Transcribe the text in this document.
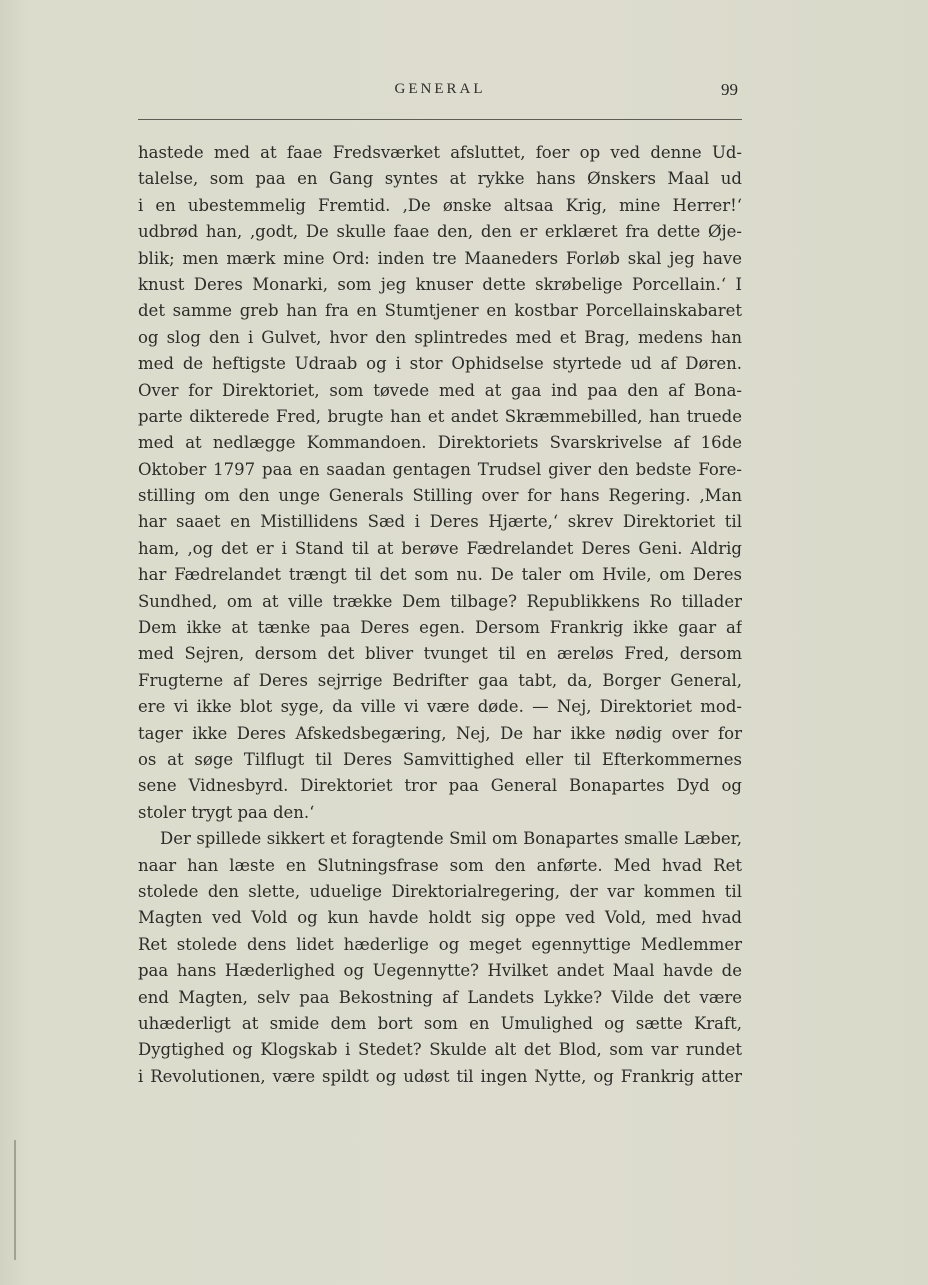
GENERAL	99
hastede med at faae Fredsværket afsluttet, foer op ved denne Ud-
talelse, som paa en Gang syntes at rykke hans Ønskers Maal ud
i en ubestemmelig Fremtid. ‚De ønske altsaa Krig, mine Herrer!‘
udbrød han, ‚godt, De skulle faae den, den er erklæret fra dette Øje-
blik; men mærk mine Ord: inden tre Maaneders Forløb skal jeg have
knust Deres Monarki, som jeg knuser dette skrøbelige Porcellain.‘ I
det samme greb han fra en Stumtjener en kostbar Porcellainskabaret
og slog den i Gulvet, hvor den splintredes med et Brag, medens han
med de heftigste Udraab og i stor Ophidselse styrtede ud af Døren.
Over for Direktoriet, som tøvede med at gaa ind paa den af Bona-
parte dikterede Fred, brugte han et andet Skræmmebilled, han truede
med at nedlægge Kommandoen. Direktoriets Svarskrivelse af 16de
Oktober 1797 paa en saadan gentagen Trudsel giver den bedste Fore-
stilling om den unge Generals Stilling over for hans Regering. ‚Man
har saaet en Mistillidens Sæd i Deres Hjærte,‘ skrev Direktoriet til
ham, ‚og det er i Stand til at berøve Fædrelandet Deres Geni. Aldrig
har Fædrelandet trængt til det som nu. De taler om Hvile, om Deres
Sundhed, om at ville trække Dem tilbage? Republikkens Ro tillader
Dem ikke at tænke paa Deres egen. Dersom Frankrig ikke gaar af
med Sejren, dersom det bliver tvunget til en æreløs Fred, dersom
Frugterne af Deres sejrrige Bedrifter gaa tabt, da, Borger General,
ere vi ikke blot syge, da ville vi være døde. — Nej, Direktoriet mod-
tager ikke Deres Afskedsbegæring, Nej, De har ikke nødig over for
os at søge Tilflugt til Deres Samvittighed eller til Efterkommernes
sene Vidnesbyrd. Direktoriet tror paa General Bonapartes Dyd og
stoler trygt paa den.‘
Der spillede sikkert et foragtende Smil om Bonapartes smalle Læber,
naar han læste en Slutningsfrase som den anførte. Med hvad Ret
stolede den slette, uduelige Direktorialregering, der var kommen til
Magten ved Vold og kun havde holdt sig oppe ved Vold, med hvad
Ret stolede dens lidet hæderlige og meget egennyttige Medlemmer
paa hans Hæderlighed og Uegennytte? Hvilket andet Maal havde de
end Magten, selv paa Bekostning af Landets Lykke? Vilde det være
uhæderligt at smide dem bort som en Umulighed og sætte Kraft,
Dygtighed og Klogskab i Stedet? Skulde alt det Blod, som var rundet
i Revolutionen, være spildt og udøst til ingen Nytte, og Frankrig atter
